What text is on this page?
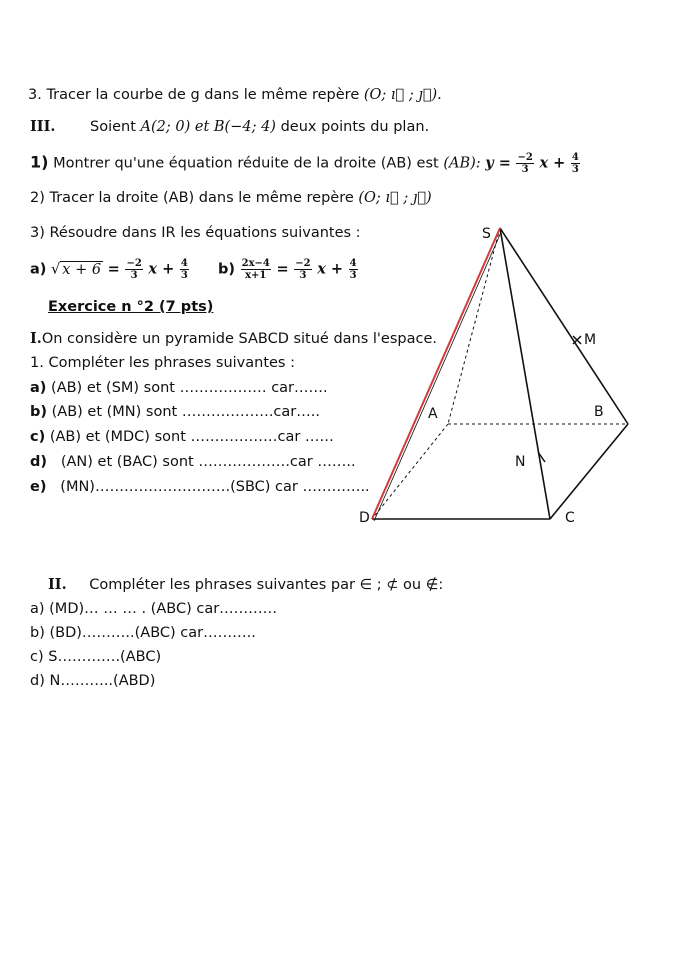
3. Tracer la courbe de g dans le même repère (O; ı⃗ ; ȷ⃗).
III. Soient A(2; 0) et B(−4; 4) deux points du plan.
1) Montrer qu'une équation réduite de la droite (AB) est (AB): $y = \frac{-2}{3}$ $x + \frac{4}{3}$
2) Tracer la droite (AB) dans le même repère (O; ı⃗ ; ȷ⃗)
3) Résoudre dans IR les équations suivantes :
a) √ $x + 6 = \frac{-2}{3}$ $x + \frac{4}{3} b) \frac{2x-4}{x+1} = \frac{-2}{3}$ $x + \frac{4}{3}$
Exercice n °2 (7 pts)
I.On considère un pyramide SABCD situé dans l'espace.
1. Compléter les phrases suivantes :
a) (AB) et (SM) sont ……………… car…….
b) (AB) et (MN) sont ……………….car…..
c) (AB) et (MDC) sont ………………car ……
d) (AN) et (BAC) sont ……………….car ……..
e) (MN)……………………….(SBC) car …………..
II. Compléter les phrases suivantes par ∈ ; ⊄ ou ∉:
a) (MD)… … … . (ABC) car…………
b) (BD)………..(ABC) car………..
c) S………….(ABC)
d) N………..(ABD)
S
M
A	B
N
D	C
